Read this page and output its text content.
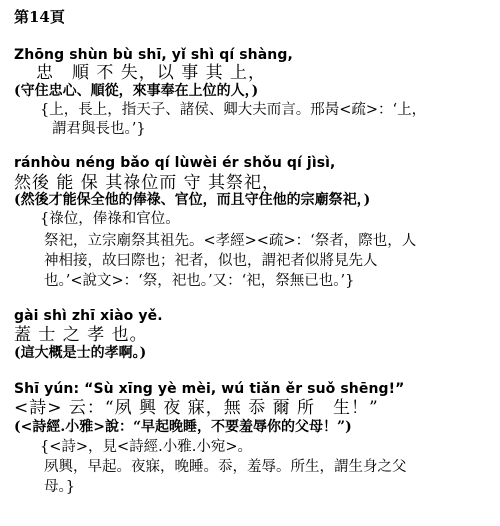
第14頁
Zhōng shùn bù shī, yǐ shì qí shàng,
忠　順 不 失，以 事 其 上，
(守住忠心、順從，來事奉在上位的人，)
{上，長上，指天子、諸侯、卿大夫而言。邢昺<疏>：‘上，
謂君與長也。’}
ránhòu néng bǎo qí lùwèi ér shǒu qí jìsì,
然後 能 保 其祿位而 守 其祭祀，
(然後才能保全他的俸祿、官位，而且守住他的宗廟祭祀，)
{祿位，俸祿和官位。
祭祀，立宗廟祭其祖先。<孝經><疏>：‘祭者，際也，人
神相接，故曰際也；祀者，似也，謂祀者似將見先人
也。’<說文>：‘祭，祀也。’又：‘祀，祭無已也。’}
gài shì zhī xiào yě.
蓋 士 之 孝 也。
(這大概是士的孝啊。)
Shī yún: “Sù xīng yè mèi, wú tiǎn ěr suǒ shēng!”
<詩> 云：“夙 興 夜 寐，無 忝 爾 所　生！”
(<詩經.小雅>說：“早起晚睡，不要羞辱你的父母！”)
{<詩>，見<詩經.小雅.小宛>。
夙興，早起。夜寐，晚睡。忝，羞辱。所生，謂生身之父
母。}
